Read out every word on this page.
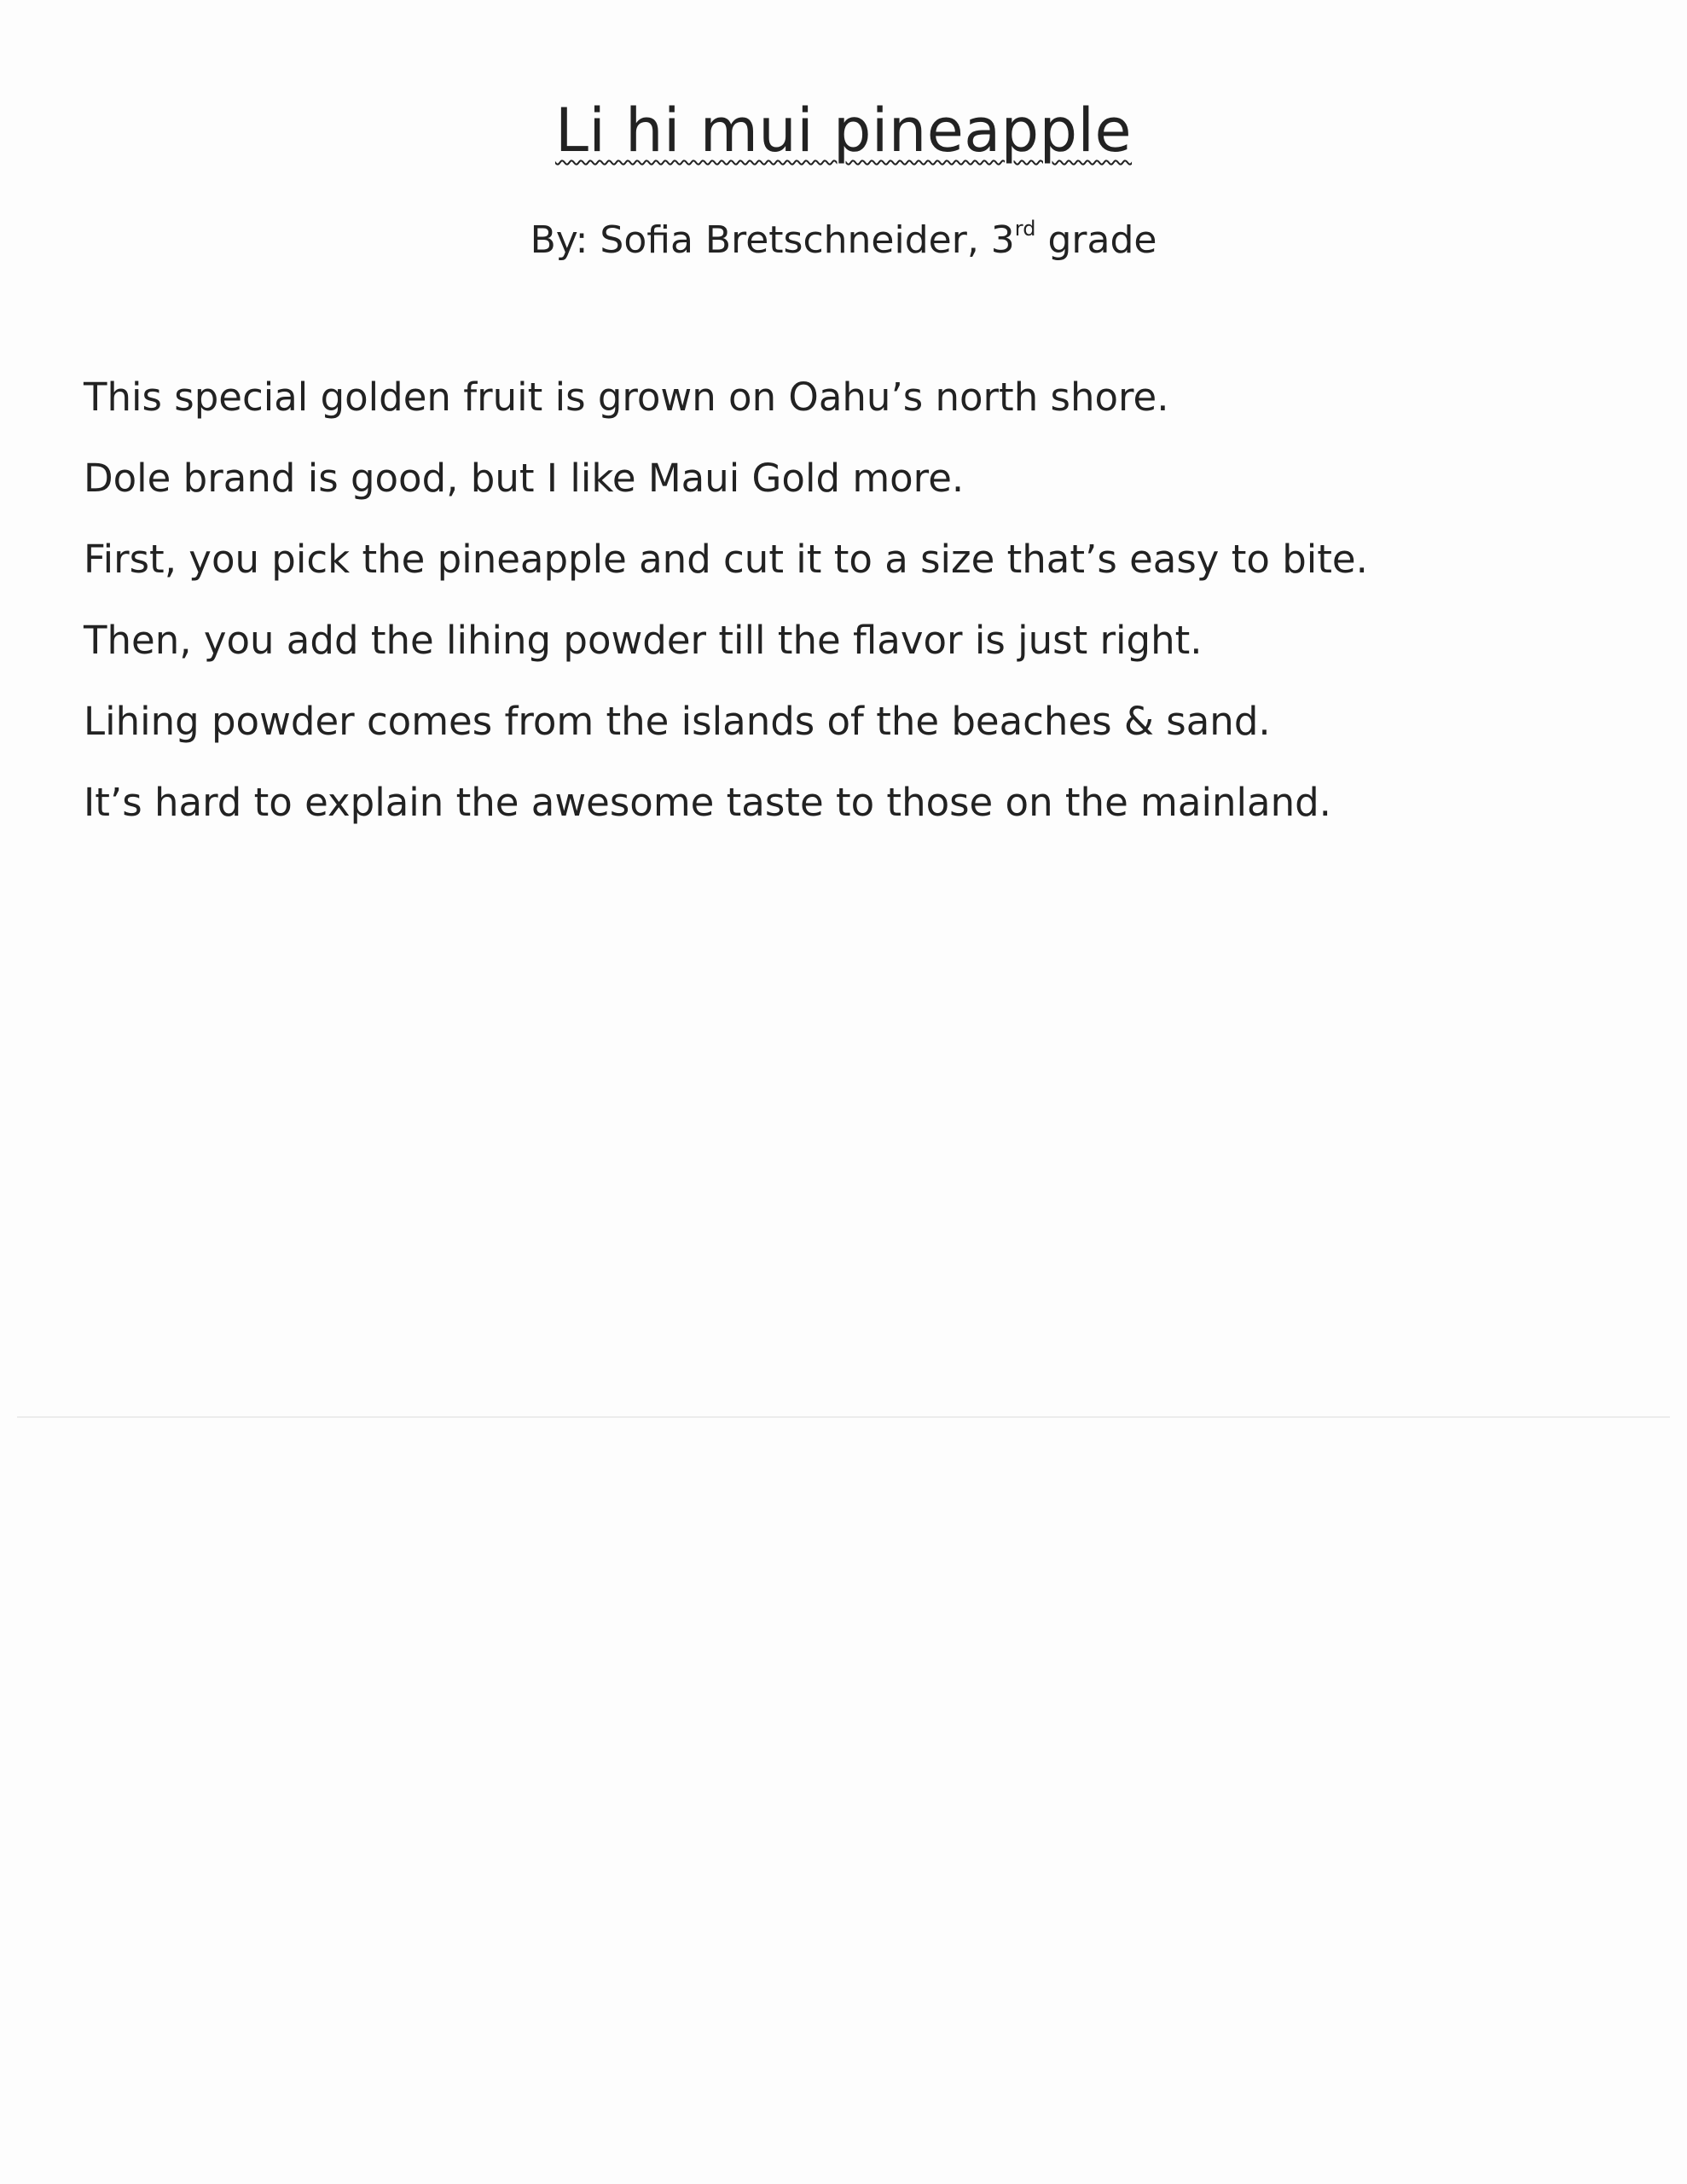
Li hi mui pineapple

By: Sofia Bretschneider, 3rd grade

This special golden fruit is grown on Oahu’s north shore.
Dole brand is good, but I like Maui Gold more.
First, you pick the pineapple and cut it to a size that’s easy to bite.
Then, you add the lihing powder till the flavor is just right.
Lihing powder comes from the islands of the beaches & sand.
It’s hard to explain the awesome taste to those on the mainland.
